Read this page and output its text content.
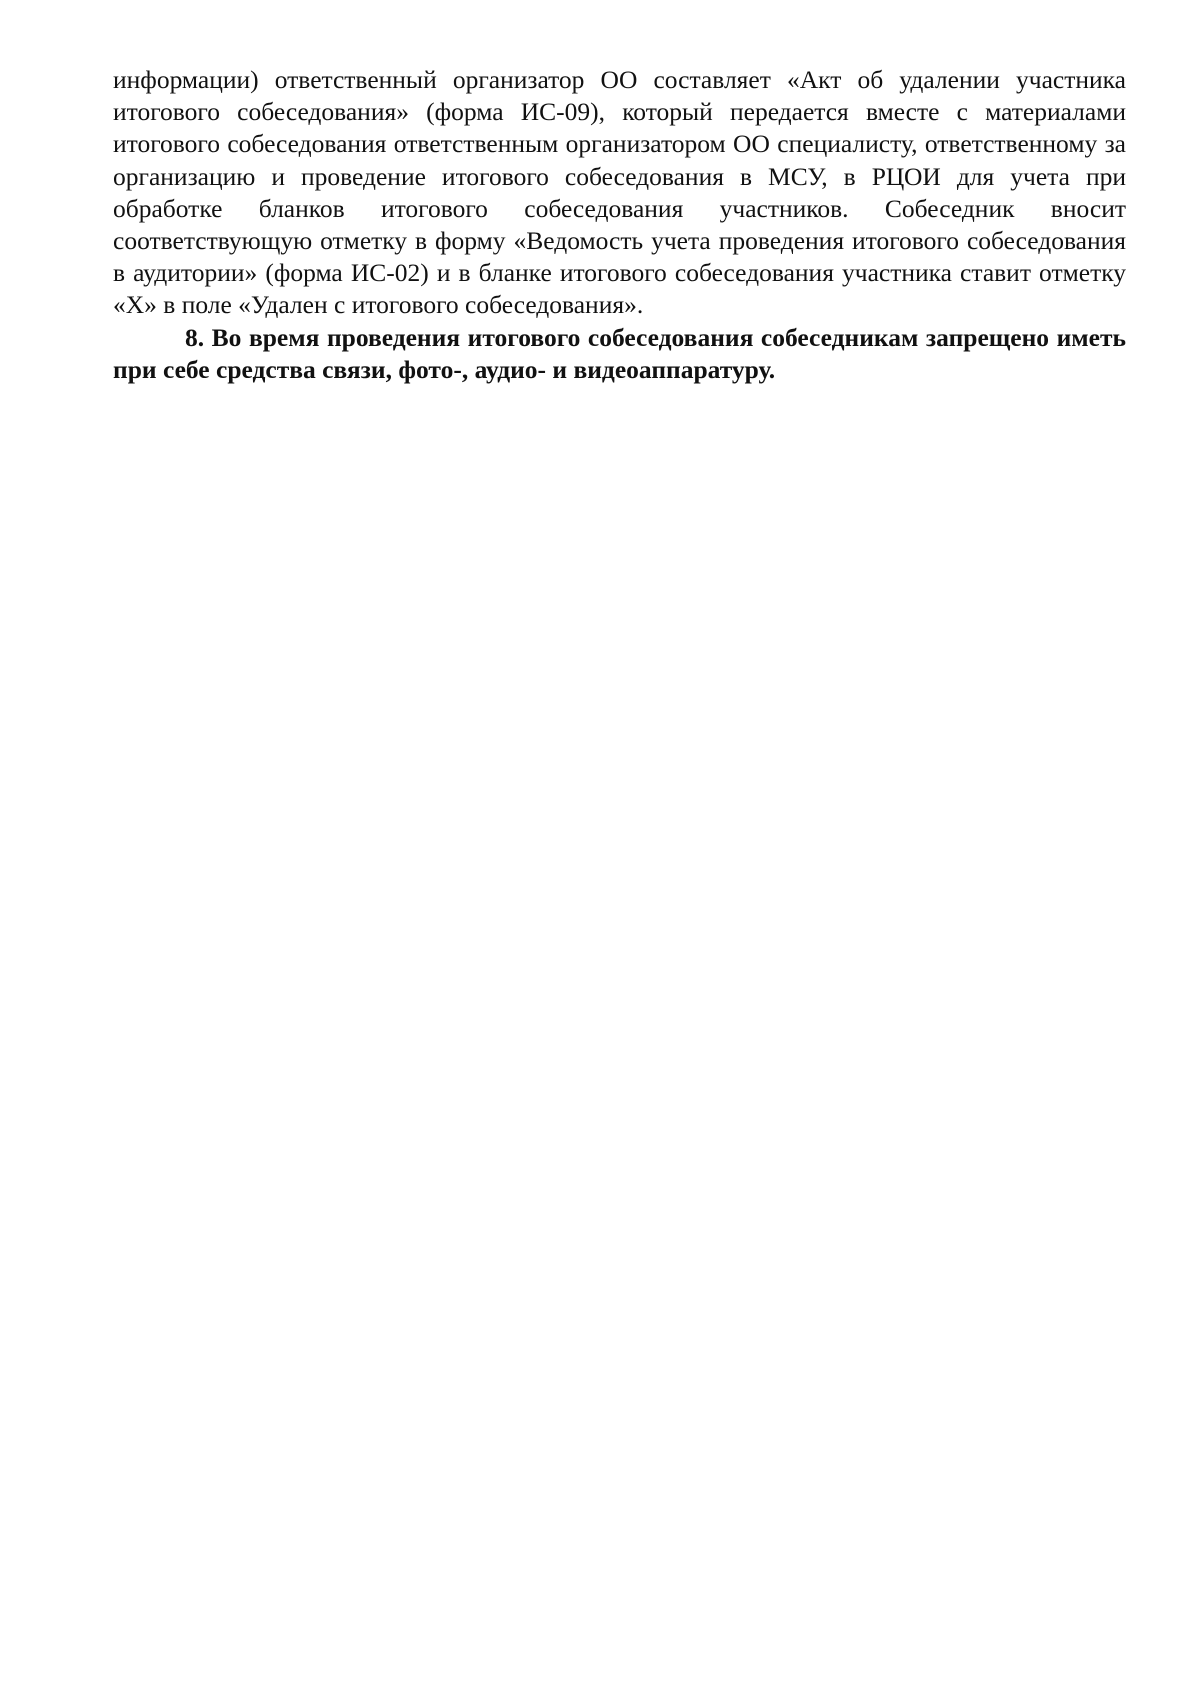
информации) ответственный организатор ОО составляет «Акт об удалении участника итогового собеседования» (форма ИС-09), который передается вместе с материалами итогового собеседования ответственным организатором ОО специалисту, ответственному за организацию и проведение итогового собеседования в МСУ, в РЦОИ для учета при обработке бланков итогового собеседования участников. Собеседник вносит соответствующую отметку в форму «Ведомость учета проведения итогового собеседования в аудитории» (форма ИС-02) и в бланке итогового собеседования участника ставит отметку «X» в поле «Удален с итогового собеседования».

8. Во время проведения итогового собеседования собеседникам запрещено иметь при себе средства связи, фото-, аудио- и видеоаппаратуру.
